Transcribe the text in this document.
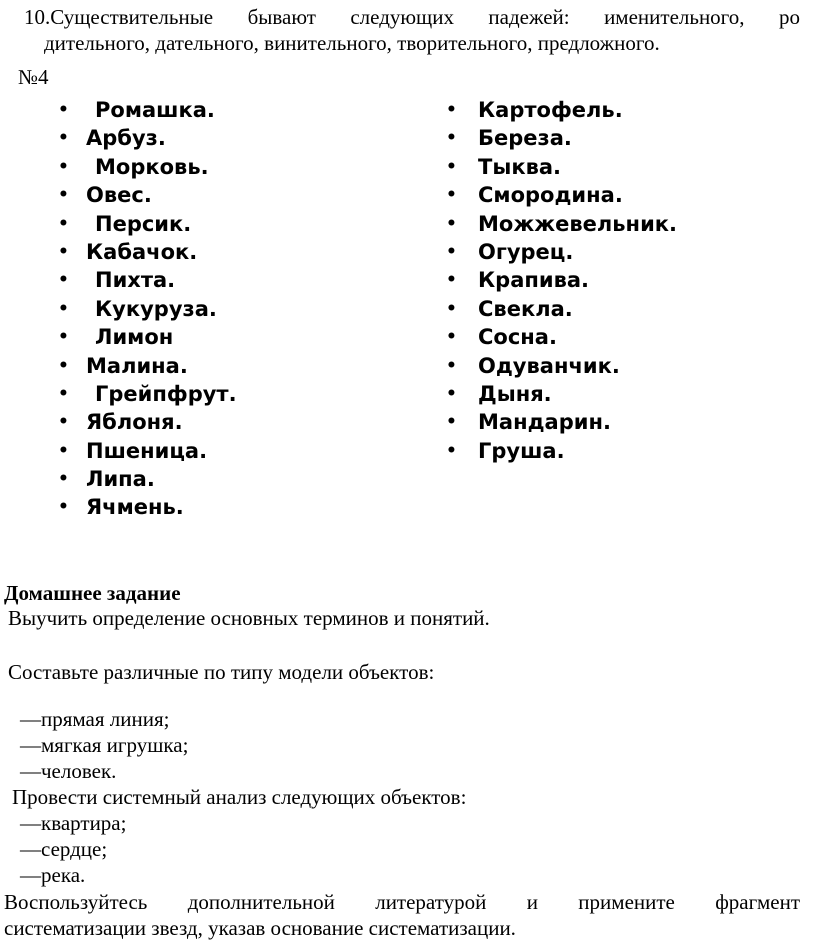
10.Существительные бывают следующих падежей: именительного, ро
дительного, дательного, винительного, творительного, предложного.
№4
• Ромашка.
• Арбуз.
• Морковь.
• Овес.
• Персик.
• Кабачок.
• Пихта.
• Кукуруза.
• Лимон
• Малина.
• Грейпфрут.
• Яблоня.
• Пшеница.
• Липа.
• Ячмень.
• Картофель.
• Береза.
• Тыква.
• Смородина.
• Можжевельник.
• Огурец.
• Крапива.
• Свекла.
• Сосна.
• Одуванчик.
• Дыня.
• Мандарин.
• Груша.
Домашнее задание
Выучить определение основных терминов и понятий.
Составьте различные по типу модели объектов:
—прямая линия;
—мягкая игрушка;
—человек.
Провести системный анализ следующих объектов:
—квартира;
—сердце;
—река.
Воспользуйтесь дополнительной литературой и примените фрагмент
систематизации звезд, указав основание систематизации.
